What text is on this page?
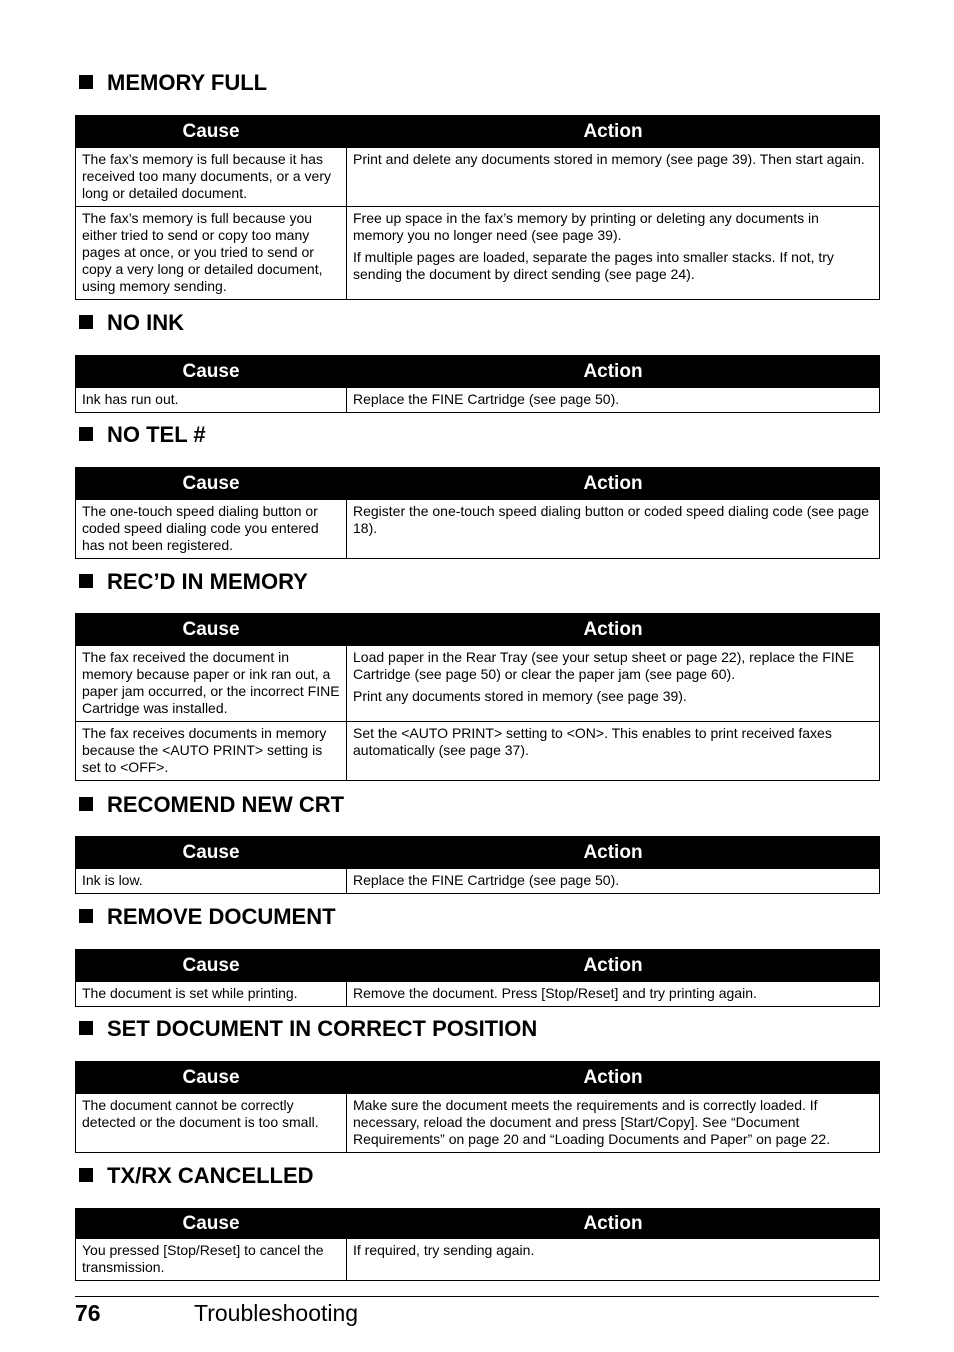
MEMORY FULL
Cause	Action

The fax’s memory is full because it has received too many documents, or a very long or detailed document.	Print and delete any documents stored in memory (see page 39). Then start again.

The fax’s memory is full because you either tried to send or copy too many pages at once, or you tried to send or copy a very long or detailed document, using memory sending.	Free up space in the fax’s memory by printing or deleting any documents in memory you no longer need (see page 39).

If multiple pages are loaded, separate the pages into smaller stacks. If not, try sending the document by direct sending (see page 24).

NO INK
Cause	Action

Ink has run out.	Replace the FINE Cartridge (see page 50).

NO TEL #
Cause	Action

The one-touch speed dialing button or coded speed dialing code you entered has not been registered.	Register the one-touch speed dialing button or coded speed dialing code (see page 18).

REC’D IN MEMORY
Cause	Action

The fax received the document in memory because paper or ink ran out, a paper jam occurred, or the incorrect FINE Cartridge was installed.	Load paper in the Rear Tray (see your setup sheet or page 22), replace the FINE Cartridge (see page 50) or clear the paper jam (see page 60).

Print any documents stored in memory (see page 39).

The fax receives documents in memory because the <AUTO PRINT> setting is set to <OFF>.	Set the <AUTO PRINT> setting to <ON>. This enables to print received faxes automatically (see page 37).

RECOMEND NEW CRT
Cause	Action

Ink is low.	Replace the FINE Cartridge (see page 50).

REMOVE DOCUMENT
Cause	Action

The document is set while printing.	Remove the document. Press [Stop/Reset] and try printing again.

SET DOCUMENT IN CORRECT POSITION
Cause	Action

The document cannot be correctly detected or the document is too small.	Make sure the document meets the requirements and is correctly loaded. If necessary, reload the document and press [Start/Copy]. See “Document Requirements” on page 20 and “Loading Documents and Paper” on page 22.

TX/RX CANCELLED
Cause	Action

You pressed [Stop/Reset] to cancel the transmission.	If required, try sending again.

76	Troubleshooting
